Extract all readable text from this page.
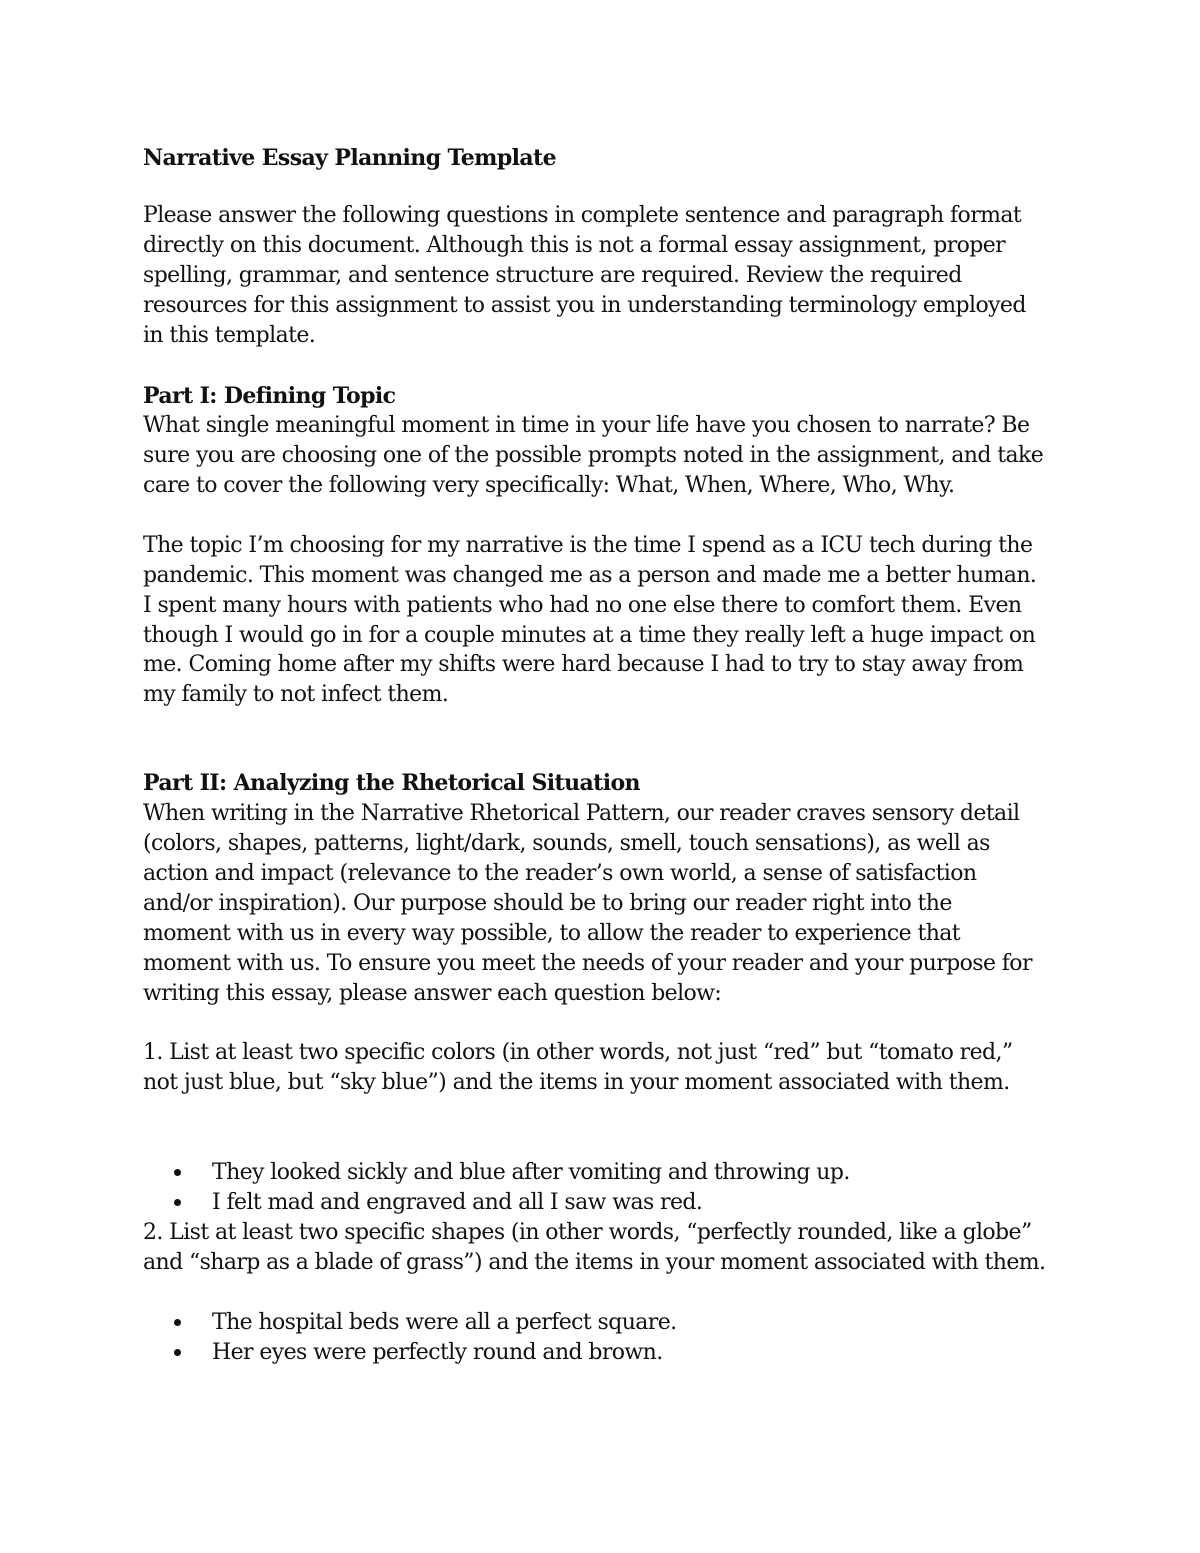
Narrative Essay Planning Template
Please answer the following questions in complete sentence and paragraph format
directly on this document. Although this is not a formal essay assignment, proper
spelling, grammar, and sentence structure are required. Review the required
resources for this assignment to assist you in understanding terminology employed
in this template.
Part I: Defining Topic
What single meaningful moment in time in your life have you chosen to narrate? Be
sure you are choosing one of the possible prompts noted in the assignment, and take
care to cover the following very specifically: What, When, Where, Who, Why.
The topic I’m choosing for my narrative is the time I spend as a ICU tech during the
pandemic. This moment was changed me as a person and made me a better human.
I spent many hours with patients who had no one else there to comfort them. Even
though I would go in for a couple minutes at a time they really left a huge impact on
me. Coming home after my shifts were hard because I had to try to stay away from
my family to not infect them.
Part II: Analyzing the Rhetorical Situation
When writing in the Narrative Rhetorical Pattern, our reader craves sensory detail
(colors, shapes, patterns, light/dark, sounds, smell, touch sensations), as well as
action and impact (relevance to the reader’s own world, a sense of satisfaction
and/or inspiration). Our purpose should be to bring our reader right into the
moment with us in every way possible, to allow the reader to experience that
moment with us. To ensure you meet the needs of your reader and your purpose for
writing this essay, please answer each question below:
1. List at least two specific colors (in other words, not just “red” but “tomato red,”
not just blue, but “sky blue”) and the items in your moment associated with them.
They looked sickly and blue after vomiting and throwing up.
I felt mad and engraved and all I saw was red.
2. List at least two specific shapes (in other words, “perfectly rounded, like a globe”
and “sharp as a blade of grass”) and the items in your moment associated with them.
The hospital beds were all a perfect square.
Her eyes were perfectly round and brown.
